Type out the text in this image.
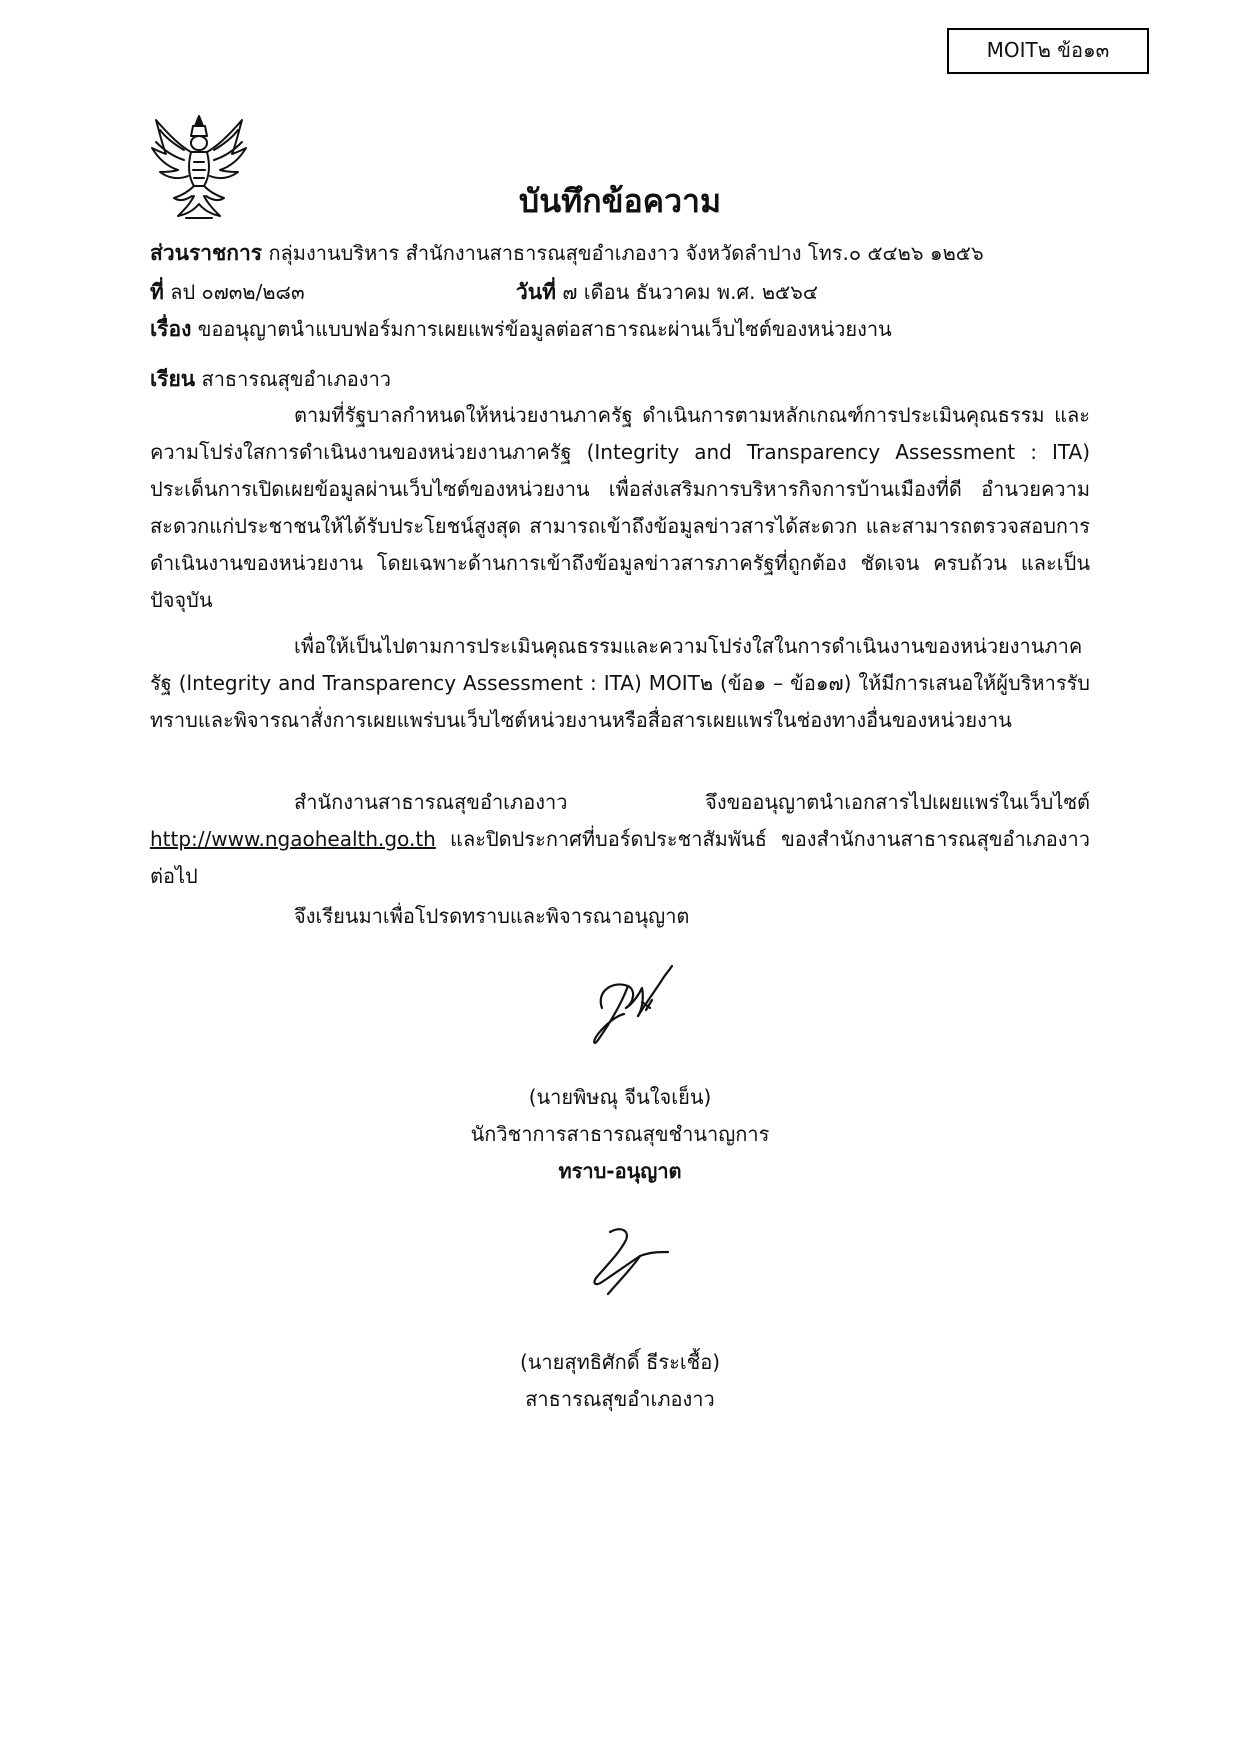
MOIT๒ ข้อ๑๓
บันทึกข้อความ
ส่วนราชการ กลุ่มงานบริหาร สำนักงานสาธารณสุขอำเภองาว จังหวัดลำปาง โทร.๐ ๕๔๒๖ ๑๒๕๖
ที่ ลป ๐๗๓๒/๒๘๓	วันที่ ๗ เดือน ธันวาคม พ.ศ. ๒๕๖๔
เรื่อง ขออนุญาตนำแบบฟอร์มการเผยแพร่ข้อมูลต่อสาธารณะผ่านเว็บไซต์ของหน่วยงาน
เรียน สาธารณสุขอำเภองาว
ตามที่รัฐบาลกำหนดให้หน่วยงานภาครัฐ ดำเนินการตามหลักเกณฑ์การประเมินคุณธรรม และความโปร่งใสการดำเนินงานของหน่วยงานภาครัฐ (Integrity and Transparency Assessment : ITA) ประเด็นการเปิดเผยข้อมูลผ่านเว็บไซต์ของหน่วยงาน เพื่อส่งเสริมการบริหารกิจการบ้านเมืองที่ดี อำนวยความสะดวกแก่ประชาชนให้ได้รับประโยชน์สูงสุด สามารถเข้าถึงข้อมูลข่าวสารได้สะดวก และสามารถตรวจสอบการดำเนินงานของหน่วยงาน โดยเฉพาะด้านการเข้าถึงข้อมูลข่าวสารภาครัฐที่ถูกต้อง ชัดเจน ครบถ้วน และเป็นปัจจุบัน
เพื่อให้เป็นไปตามการประเมินคุณธรรมและความโปร่งใสในการดำเนินงานของหน่วยงานภาครัฐ (lntegrity and Transparency Assessment : ITA) MOIT๒ (ข้อ๑ – ข้อ๑๗) ให้มีการเสนอให้ผู้บริหารรับทราบและพิจารณาสั่งการเผยแพร่บนเว็บไซต์หน่วยงานหรือสื่อสารเผยแพร่ในช่องทางอื่นของหน่วยงาน
สำนักงานสาธารณสุขอำเภองาว จึงขออนุญาตนำเอกสารไปเผยแพร่ในเว็บไซต์ http://www.ngaohealth.go.th และปิดประกาศที่บอร์ดประชาสัมพันธ์ ของสำนักงานสาธารณสุขอำเภองาว ต่อไป
จึงเรียนมาเพื่อโปรดทราบและพิจารณาอนุญาต
(นายพิษณุ จีนใจเย็น)
นักวิชาการสาธารณสุขชำนาญการ
ทราบ-อนุญาต
(นายสุทธิศักดิ์ ธีระเชื้อ)
สาธารณสุขอำเภองาว
